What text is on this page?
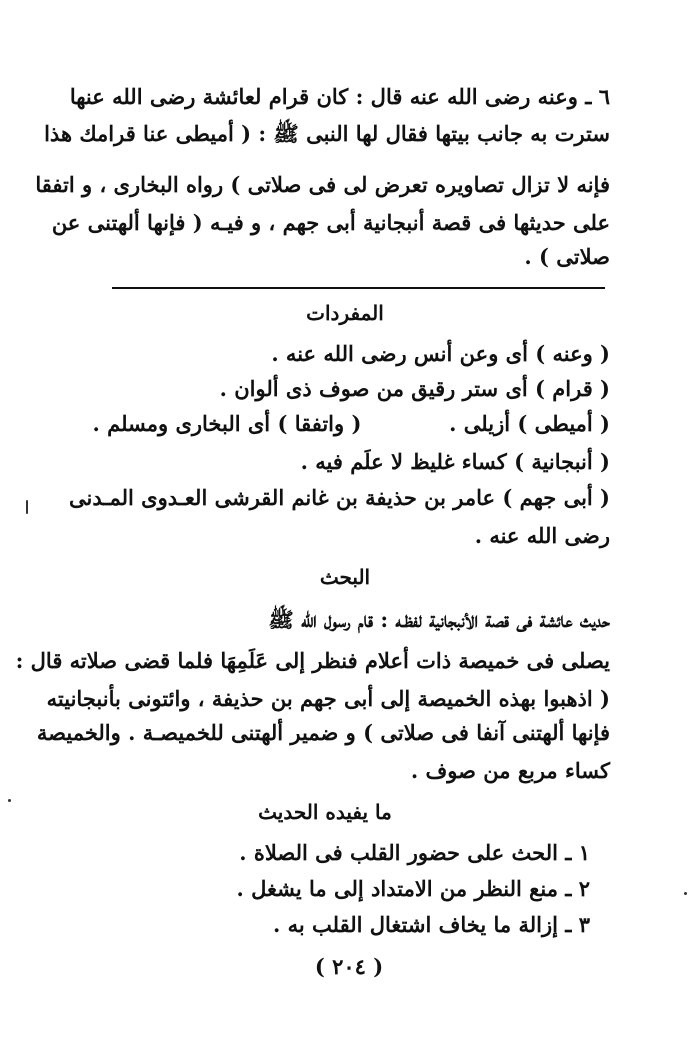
٦ ـ وعنه رضى الله عنه قال : كان قرام لعائشة رضى الله عنها
سترت به جانب بيتها فقال لها النبى ﷺ : ( أميطى عنا قرامك هذا
فإنه لا تزال تصاويره تعرض لى فى صلاتى ) رواه البخارى ، و اتفقا
على حديثها فى قصة أنبجانية أبى جهم ، و فيـه ( فإنها ألهتنى عن
صلاتى ) .
المفردات
( وعنه ) أى وعن أنس رضى الله عنه .
( قرام ) أى ستر رقيق من صوف ذى ألوان .
( أميطى ) أزيلى .            ( واتفقا ) أى البخارى ومسلم .
( أنبجانية ) كساء غليظ لا علَم فيه .
( أبى جهم ) عامر بن حذيفة بن غانم القرشى العـدوى المـدنى
رضى الله عنه .
البحث
حديث عائشة فى قصة الأنبجانية لفظـه : قام رسول الله ﷺ
يصلى فى خميصة ذات أعلام فنظر إلى عَلَمِهَا فلما قضى صلاته قال :
( اذهبوا بهذه الخميصة إلى أبى جهم بن حذيفة ، وائتونى بأنبجانيته
فإنها ألهتنى آنفا فى صلاتى ) و ضمير ألهتنى للخميصـة . والخميصة
كساء مربع من صوف .
ما يفيده الحديث
١ ـ الحث على حضور القلب فى الصلاة .
٢ ـ منع النظر من الامتداد إلى ما يشغل .
٣ ـ إزالة ما يخاف اشتغال القلب به .
( ٢٠٤ )
